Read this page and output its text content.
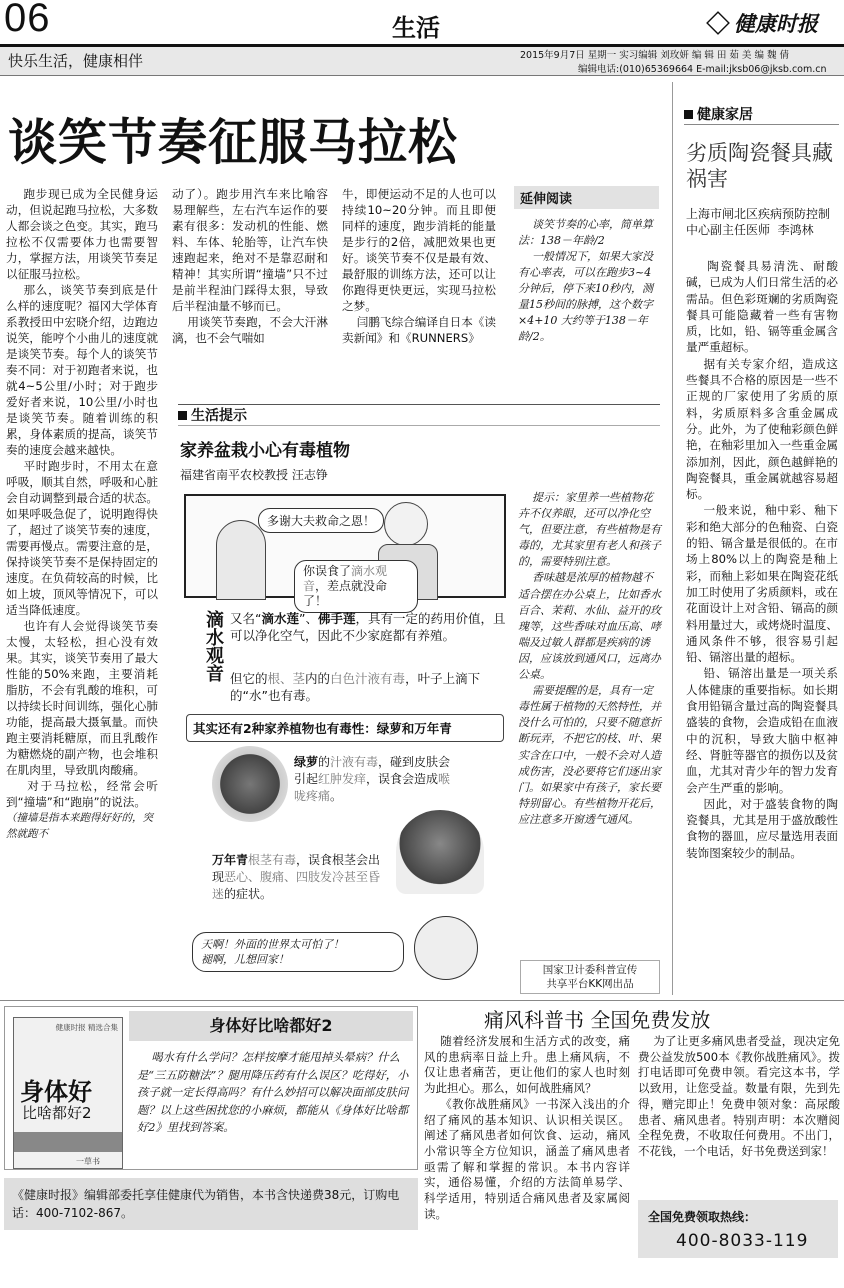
06	生活	健康时报
快乐生活，健康相伴	2015年9月7日 星期一 实习编辑 刘玫妍 编 辑 田 茹 美 编 魏 倩
编辑电话:(010)65369664 E-mail:jksb06@jksb.com.cn
谈笑节奏征服马拉松
跑步现已成为全民健身运动，但说起跑马拉松，大多数人都会谈之色变。其实，跑马拉松不仅需要体力也需要智力，掌握方法，用谈笑节奏足以征服马拉松。
那么，谈笑节奏到底是什么样的速度呢？福冈大学体育系教授田中宏晓介绍，边跑边说笑，能哼个小曲儿的速度就是谈笑节奏。每个人的谈笑节奏不同：对于初跑者来说，也就4~5公里/小时；对于跑步爱好者来说，10公里/小时也是谈笑节奏。随着训练的积累，身体素质的提高，谈笑节奏的速度会越来越快。
平时跑步时，不用太在意呼吸，顺其自然，呼吸和心脏会自动调整到最合适的状态。如果呼吸急促了，说明跑得快了，超过了谈笑节奏的速度，需要再慢点。需要注意的是，保持谈笑节奏不是保持固定的速度。在负荷较高的时候，比如上坡，顶风等情况下，可以适当降低速度。
也许有人会觉得谈笑节奏太慢，太轻松，担心没有效果。其实，谈笑节奏用了最大性能的50%来跑，主要消耗脂肪，不会有乳酸的堆积，可以持续长时间训练，强化心肺功能，提高最大摄氧量。而快跑主要消耗糖原，而且乳酸作为糖燃烧的副产物，也会堆积在肌肉里，导致肌肉酸痛。
对于马拉松，经常会听到“撞墙”和“跑崩”的说法。
（撞墙是指本来跑得好好的，突然就跑不
动了）。跑步用汽车来比喻容易理解些，左右汽车运作的要素有很多：发动机的性能、燃料、车体、轮胎等，让汽车快速跑起来，绝对不是靠忍耐和精神！其实所谓“撞墙”只不过是前半程油门踩得太狠，导致后半程油量不够而已。
用谈笑节奏跑，不会大汗淋漓，也不会气喘如
牛，即便运动不足的人也可以持续10~20分钟。而且即便同样的速度，跑步消耗的能量是步行的2倍，减肥效果也更好。谈笑节奏不仅是最有效、最舒服的训练方法，还可以让你跑得更快更远，实现马拉松之梦。
闫鹏飞综合编译自日本《读卖新闻》和《RUNNERS》
延伸阅读
谈笑节奏的心率，简单算法：138－年龄/2
一般情况下，如果大家没有心率表，可以在跑步3~4分钟后，停下来10秒内，测量15秒间的脉搏，这个数字×4+10 大约等于138－年龄/2。
健康家居
劣质陶瓷餐具藏祸害
上海市闸北区疾病预防控制中心副主任医师  李鸿林
陶瓷餐具易清洗、耐酸碱，已成为人们日常生活的必需品。但色彩斑斓的劣质陶瓷餐具可能隐藏着一些有害物质，比如，铅、镉等重金属含量严重超标。
据有关专家介绍，造成这些餐具不合格的原因是一些不正规的厂家使用了劣质的原料，劣质原料多含重金属成分。此外，为了使釉彩颜色鲜艳，在釉彩里加入一些重金属添加剂，因此，颜色越鲜艳的陶瓷餐具，重金属就越容易超标。
一般来说，釉中彩、釉下彩和绝大部分的色釉瓷、白瓷的铅、镉含量是很低的。在市场上80%以上的陶瓷是釉上彩，而釉上彩如果在陶瓷花纸加工时使用了劣质颜料，或在花面设计上对含铅、镉高的颜料用量过大，或烤烧时温度、通风条件不够，很容易引起铅、镉溶出量的超标。
铅、镉溶出量是一项关系人体健康的重要指标。如长期食用铅镉含量过高的陶瓷餐具盛装的食物，会造成铅在血液中的沉积，导致大脑中枢神经、肾脏等器官的损伤以及贫血，尤其对青少年的智力发育会产生严重的影响。
因此，对于盛装食物的陶瓷餐具，尤其是用于盛放酸性食物的器皿，应尽量选用表面装饰图案较少的制品。
生活提示
家养盆栽小心有毒植物
福建省南平农校教授 汪志铮
多谢大夫救命之恩！
你误食了滴水观音，差点就没命了！
滴水观音 又名“滴水莲”、佛手莲，具有一定的药用价值，且可以净化空气，因此不少家庭都有养殖。
但它的根、茎内的白色汁液有毒，叶子上滴下的“水”也有毒。
其实还有2种家养植物也有毒性：绿萝和万年青
绿萝的汁液有毒，碰到皮肤会引起红肿发痒，误食会造成喉咙疼痛。
万年青根茎有毒，误食根茎会出现恶心、腹痛、四肢发冷甚至昏迷的症状。
天啊！外面的世界太可怕了！
褪啊，儿想回家！
提示：家里养一些植物花卉不仅养眼，还可以净化空气，但要注意，有些植物是有毒的，尤其家里有老人和孩子的，需要特别注意。
香味越是浓厚的植物越不适合摆在办公桌上，比如香水百合、茉莉、水仙、益开的玫瑰等，这些香味对血压高、哮喘及过敏人群都是疾病的诱因，应该放到通风口，远离办公桌。
需要提醒的是，具有一定毒性属于植物的天然特性，并没什么可怕的，只要不随意折断玩弄，不把它的枝、叶、果实含在口中，一般不会对人造成伤害，没必要将它们逐出家门。如果家中有孩子，家长要特别留心。有些植物开花后，应注意多开窗透气通风。
国家卫计委科普宣传
共享平台KK网出品
身体好比啥都好2
健康时报 精选合集
身体好
比啥都好2
一草书
喝水有什么学问？怎样按摩才能甩掉头晕病？什么是“三五防糖法”？腿用降压药有什么误区？吃得好，小孩子就一定长得高吗？有什么妙招可以解决面部皮肤问题？以上这些困扰您的小麻烦，都能从《身体好比啥都好2》里找到答案。
《健康时报》编辑部委托享佳健康代为销售，本书含快递费38元，订购电话：400-7102-867。
痛风科普书 全国免费发放
随着经济发展和生活方式的改变，痛风的患病率日益上升。患上痛风病，不仅让患者痛苦，更让他们的家人也时刻为此担心。那么，如何战胜痛风？
《教你战胜痛风》一书深入浅出的介绍了痛风的基本知识、认识相关误区。阐述了痛风患者如何饮食、运动，痛风小常识等全方位知识，涵盖了痛风患者亟需了解和掌握的常识。本书内容详实，通俗易懂，介绍的方法简单易学、科学适用，特别适合痛风患者及家属阅读。
为了让更多痛风患者受益，现决定免费公益发放500本《教你战胜痛风》。拨打电话即可免费申领。看完这本书，学以致用，让您受益。数量有限，先到先得，赠完即止！免费申领对象：高尿酸患者、痛风患者。特别声明：本次赠阅全程免费，不收取任何费用。不出门，不花钱，一个电话，好书免费送到家！
全国免费领取热线：
400-8033-119
